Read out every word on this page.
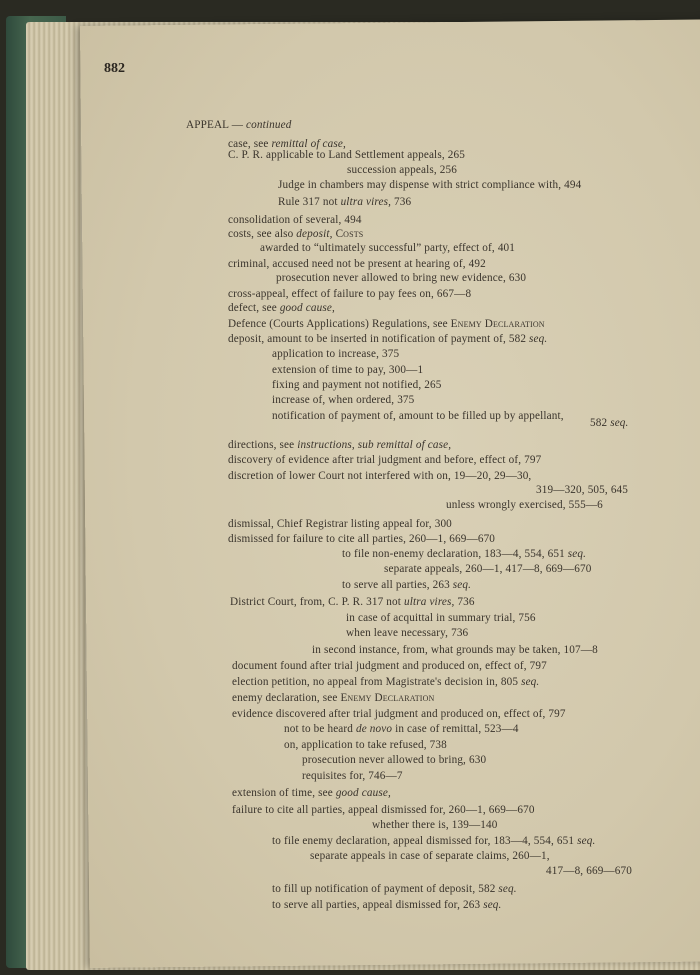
882
APPEAL — continued
case, see remittal of case,
C. P. R. applicable to Land Settlement appeals, 265
succession appeals, 256
Judge in chambers may dispense with strict compliance with, 494
Rule 317 not ultra vires, 736
consolidation of several, 494
costs, see also deposit, Costs
awarded to “ultimately successful” party, effect of, 401
criminal, accused need not be present at hearing of, 492
prosecution never allowed to bring new evidence, 630
cross-appeal, effect of failure to pay fees on, 667—8
defect, see good cause,
Defence (Courts Applications) Regulations, see Enemy Declaration
deposit, amount to be inserted in notification of payment of, 582 seq.
application to increase, 375
extension of time to pay, 300—1
fixing and payment not notified, 265
increase of, when ordered, 375
notification of payment of, amount to be filled up by appellant,
582 seq.
directions, see instructions, sub remittal of case,
discovery of evidence after trial judgment and before, effect of, 797
discretion of lower Court not interfered with on, 19—20, 29—30,
319—320, 505, 645
unless wrongly exercised, 555—6
dismissal, Chief Registrar listing appeal for, 300
dismissed for failure to cite all parties, 260—1, 669—670
to file non-enemy declaration, 183—4, 554, 651 seq.
separate appeals, 260—1, 417—8, 669—670
to serve all parties, 263 seq.
District Court, from, C. P. R. 317 not ultra vires, 736
in case of acquittal in summary trial, 756
when leave necessary, 736
in second instance, from, what grounds may be taken, 107—8
document found after trial judgment and produced on, effect of, 797
election petition, no appeal from Magistrate's decision in, 805 seq.
enemy declaration, see Enemy Declaration
evidence discovered after trial judgment and produced on, effect of, 797
not to be heard de novo in case of remittal, 523—4
on, application to take refused, 738
prosecution never allowed to bring, 630
requisites for, 746—7
extension of time, see good cause,
failure to cite all parties, appeal dismissed for, 260—1, 669—670
whether there is, 139—140
to file enemy declaration, appeal dismissed for, 183—4, 554, 651 seq.
separate appeals in case of separate claims, 260—1,
417—8, 669—670
to fill up notification of payment of deposit, 582 seq.
to serve all parties, appeal dismissed for, 263 seq.
